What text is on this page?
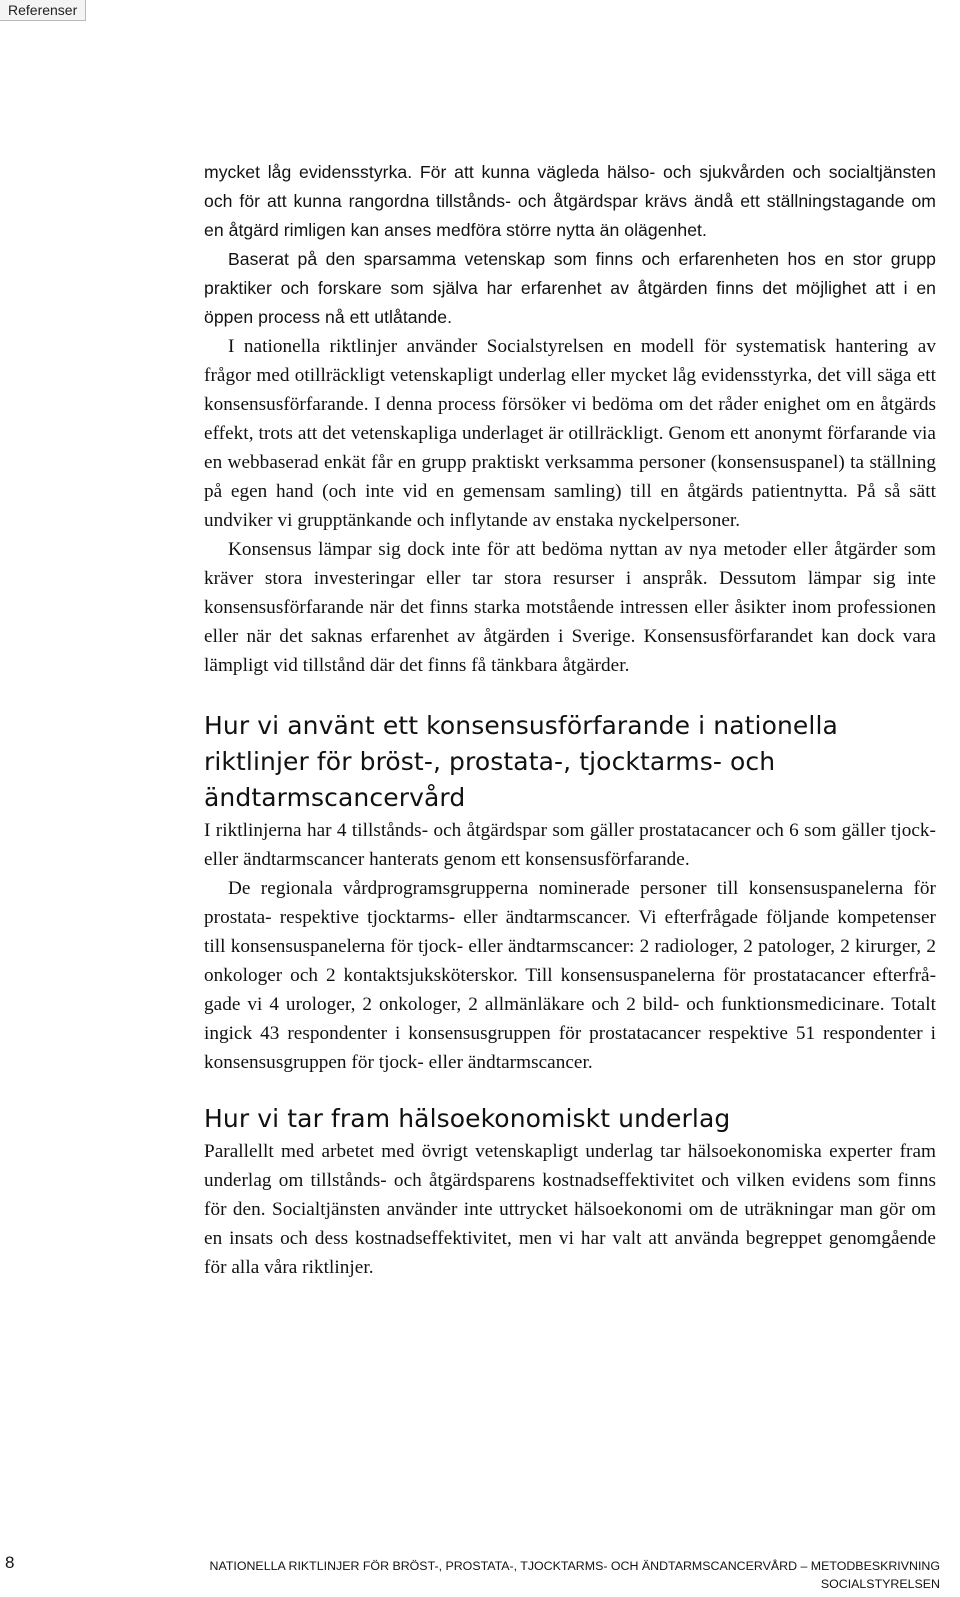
Referenser

mycket låg evidensstyrka. För att kunna vägleda hälso- och sjukvården och socialtjänsten och för att kunna rangordna tillstånds- och åtgärdspar krävs ändå ett ställningstagande om en åtgärd rimligen kan anses medföra större nytta än olägenhet.

Baserat på den sparsamma vetenskap som finns och erfarenheten hos en stor grupp praktiker och forskare som själva har erfarenhet av åtgärden finns det möjlighet att i en öppen process nå ett utlåtande.

I nationella riktlinjer använder Socialstyrelsen en modell för systematisk hantering av frågor med otillräckligt vetenskapligt underlag eller mycket låg evidensstyrka, det vill säga ett konsensusförfarande. I denna process försöker vi bedöma om det råder enighet om en åtgärds effekt, trots att det vetenskapliga underlaget är otillräckligt. Genom ett anonymt förfarande via en webbaserad enkät får en grupp praktiskt verksamma personer (konsensuspanel) ta ställning på egen hand (och inte vid en gemensam samling) till en åtgärds patientnytta. På så sätt undviker vi grupptänkande och inflytande av enstaka nyckelpersoner.

Konsensus lämpar sig dock inte för att bedöma nyttan av nya metoder eller åtgärder som kräver stora investeringar eller tar stora resurser i anspråk. Dessutom lämpar sig inte konsensusförfarande när det finns starka motstående intressen eller åsikter inom professionen eller när det saknas erfarenhet av åtgärden i Sverige. Konsensusförfarandet kan dock vara lämpligt vid tillstånd där det finns få tänkbara åtgärder.

Hur vi använt ett konsensusförfarande i nationella riktlinjer för bröst-, prostata-, tjocktarms- och ändtarmscancervård

I riktlinjerna har 4 tillstånds- och åtgärdspar som gäller prostatacancer och 6 som gäller tjock- eller ändtarmscancer hanterats genom ett konsensusförfarande.

De regionala vårdprogramsgrupperna nominerade personer till konsensuspanelerna för prostata- respektive tjocktarms- eller ändtarmscancer. Vi efterfrågade följande kompetenser till konsensuspanelerna för tjock- eller ändtarmscancer: 2 radiologer, 2 patologer, 2 kirurger, 2 onkologer och 2 kontaktsjuksköterskor. Till konsensuspanelerna för prostatacancer efterfrågade vi 4 urologer, 2 onkologer, 2 allmänläkare och 2 bild- och funktionsmedicinare. Totalt ingick 43 respondenter i konsensusgruppen för prostatacancer respektive 51 respondenter i konsensusgruppen för tjock- eller ändtarmscancer.

Hur vi tar fram hälsoekonomiskt underlag

Parallellt med arbetet med övrigt vetenskapligt underlag tar hälsoekonomiska experter fram underlag om tillstånds- och åtgärdsparens kostnadseffektivitet och vilken evidens som finns för den. Socialtjänsten använder inte uttrycket hälsoekonomi om de uträkningar man gör om en insats och dess kostnadseffektivitet, men vi har valt att använda begreppet genomgående för alla våra riktlinjer.

8	NATIONELLA RIKTLINJER FÖR BRÖST-, PROSTATA-, TJOCKTARMS- OCH ÄNDTARMSCANCERVÅRD – METODBESKRIVNING
SOCIALSTYRELSEN
